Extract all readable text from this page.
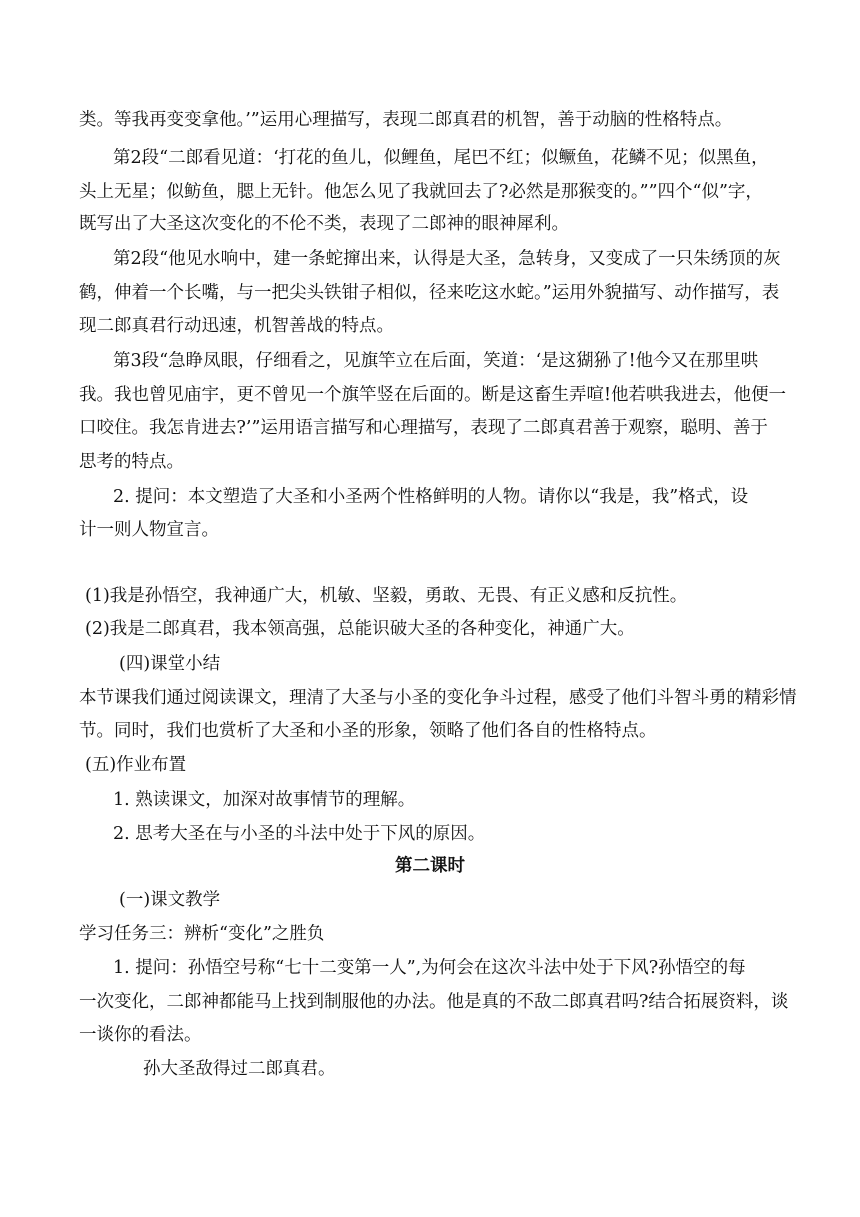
类。等我再变变拿他。’”运用心理描写，表现二郎真君的机智，善于动脑的性格特点。
第2段“二郎看见道：‘打花的鱼儿，似鲤鱼，尾巴不红；似鳜鱼，花鳞不见；似黑鱼，
头上无星；似鲂鱼，腮上无针。他怎么见了我就回去了?必然是那猴变的。””四个“似”字，
既写出了大圣这次变化的不伦不类，表现了二郎神的眼神犀利。
第2段“他见水响中，建一条蛇撺出来，认得是大圣，急转身，又变成了一只朱绣顶的灰
鹤，伸着一个长嘴，与一把尖头铁钳子相似，径来吃这水蛇。”运用外貌描写、动作描写，表
现二郎真君行动迅速，机智善战的特点。
第3段“急睁凤眼，仔细看之，见旗竿立在后面，笑道：‘是这猢狲了!他今又在那里哄
我。我也曾见庙宇，更不曾见一个旗竿竖在后面的。断是这畜生弄喧!他若哄我进去，他便一
口咬住。我怎肯进去?’”运用语言描写和心理描写，表现了二郎真君善于观察，聪明、善于
思考的特点。
2. 提问：本文塑造了大圣和小圣两个性格鲜明的人物。请你以“我是，我”格式，设
计一则人物宣言。
(1)我是孙悟空，我神通广大，机敏、坚毅，勇敢、无畏、有正义感和反抗性。
(2)我是二郎真君，我本领高强，总能识破大圣的各种变化，神通广大。
(四)课堂小结
本节课我们通过阅读课文，理清了大圣与小圣的变化争斗过程，感受了他们斗智斗勇的精彩情
节。同时，我们也赏析了大圣和小圣的形象，领略了他们各自的性格特点。
(五)作业布置
1. 熟读课文，加深对故事情节的理解。
2. 思考大圣在与小圣的斗法中处于下风的原因。
第二课时
(一)课文教学
学习任务三：辨析“变化”之胜负
1. 提问：孙悟空号称“七十二变第一人”,为何会在这次斗法中处于下风?孙悟空的每
一次变化，二郎神都能马上找到制服他的办法。他是真的不敌二郎真君吗?结合拓展资料，谈
一谈你的看法。
孙大圣敌得过二郎真君。
